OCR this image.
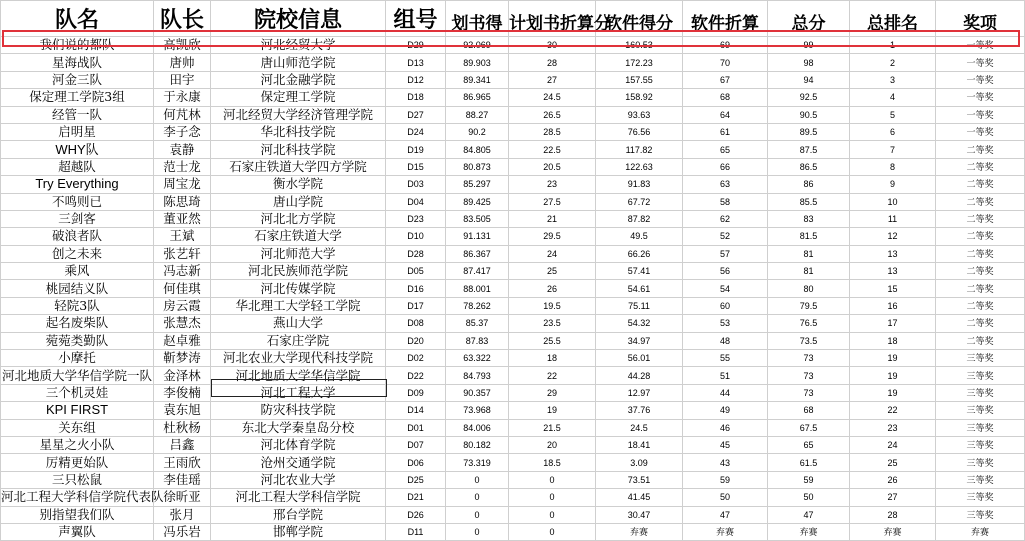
队名	队长	院校信息	组号	划书得	计划书折算分	软件得分	软件折算	总分	总排名	奖项
我们说的都队	高凯欣	河北经贸大学	D29	92.069	30	160.53	69	99	1	一等奖
星海战队	唐帅	唐山师范学院	D13	89.903	28	172.23	70	98	2	一等奖
河金三队	田宇	河北金融学院	D12	89.341	27	157.55	67	94	3	一等奖
保定理工学院3组	于永康	保定理工学院	D18	86.965	24.5	158.92	68	92.5	4	一等奖
经管一队	何芃林	河北经贸大学经济管理学院	D27	88.27	26.5	93.63	64	90.5	5	一等奖
启明星	李子念	华北科技学院	D24	90.2	28.5	76.56	61	89.5	6	一等奖
WHY队	袁静	河北科技学院	D19	84.805	22.5	117.82	65	87.5	7	二等奖
超越队	范士龙	石家庄铁道大学四方学院	D15	80.873	20.5	122.63	66	86.5	8	二等奖
Try Everything	周宝龙	衡水学院	D03	85.297	23	91.83	63	86	9	二等奖
不鸣则已	陈思琦	唐山学院	D04	89.425	27.5	67.72	58	85.5	10	二等奖
三剑客	董亚然	河北北方学院	D23	83.505	21	87.82	62	83	11	二等奖
破浪者队	王斌	石家庄铁道大学	D10	91.131	29.5	49.5	52	81.5	12	二等奖
创之未来	张艺轩	河北师范大学	D28	86.367	24	66.26	57	81	13	二等奖
乘风	冯志新	河北民族师范学院	D05	87.417	25	57.41	56	81	13	二等奖
桃园结义队	何佳琪	河北传媒学院	D16	88.001	26	54.61	54	80	15	二等奖
轻院3队	房云霞	华北理工大学轻工学院	D17	78.262	19.5	75.11	60	79.5	16	二等奖
起名废柴队	张慧杰	燕山大学	D08	85.37	23.5	54.32	53	76.5	17	二等奖
菀菀类勤队	赵卓雅	石家庄学院	D20	87.83	25.5	34.97	48	73.5	18	二等奖
小摩托	靳梦涛	河北农业大学现代科技学院	D02	63.322	18	56.01	55	73	19	三等奖
河北地质大学华信学院一队	金泽林	河北地质大学华信学院	D22	84.793	22	44.28	51	73	19	三等奖
三个机灵娃	李俊楠	河北工程大学	D09	90.357	29	12.97	44	73	19	三等奖
KPI FIRST	袁东旭	防灾科技学院	D14	73.968	19	37.76	49	68	22	三等奖
关东组	杜秋杨	东北大学秦皇岛分校	D01	84.006	21.5	24.5	46	67.5	23	三等奖
星星之火小队	吕鑫	河北体育学院	D07	80.182	20	18.41	45	65	24	三等奖
厉精更始队	王雨欣	沧州交通学院	D06	73.319	18.5	3.09	43	61.5	25	三等奖
三只松鼠	李佳瑶	河北农业大学	D25	0	0	73.51	59	59	26	三等奖
河北工程大学科信学院代表队	徐昕亚	河北工程大学科信学院	D21	0	0	41.45	50	50	27	三等奖
别指望我们队	张月	邢台学院	D26	0	0	30.47	47	47	28	三等奖
声翼队	冯乐岩	邯郸学院	D11	0	0	弃赛	弃赛	弃赛	弃赛	弃赛
